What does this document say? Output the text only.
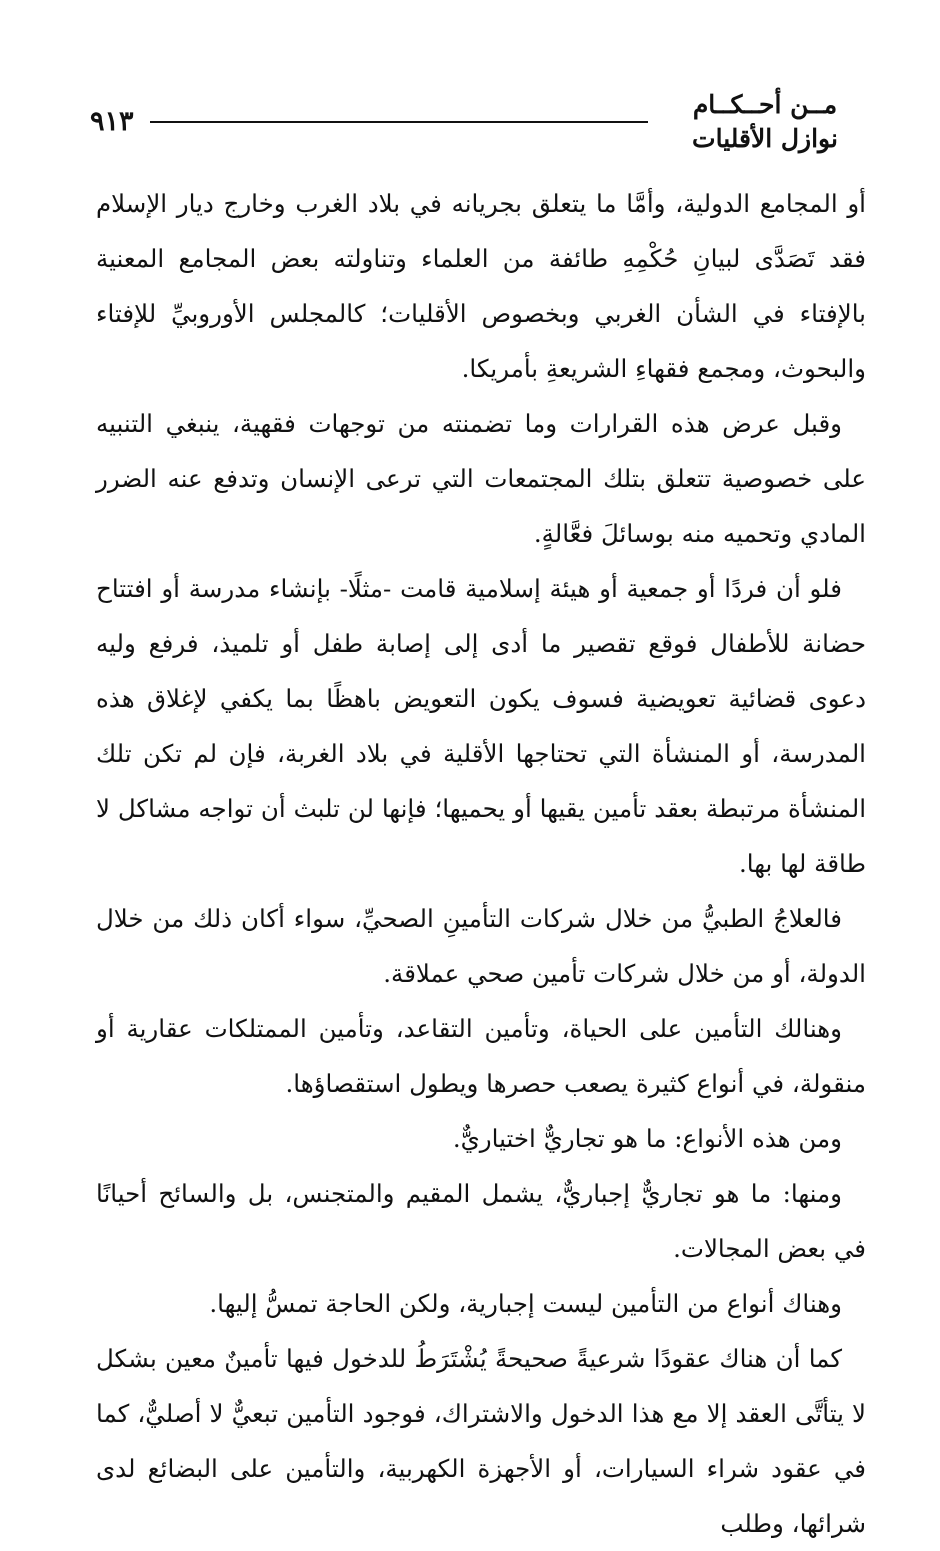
٩١٣
مــن أحــكــام
نوازل الأقليات

أو المجامع الدولية، وأمَّا ما يتعلق بجريانه في بلاد الغرب وخارج ديار الإسلام فقد تَصَدَّى لبيانِ حُكْمِهِ طائفة من العلماء وتناولته بعض المجامع المعنية بالإفتاء في الشأن الغربي وبخصوص الأقليات؛ كالمجلس الأوروبيِّ للإفتاء والبحوث، ومجمع فقهاءِ الشريعةِ بأمريكا.

وقبل عرض هذه القرارات وما تضمنته من توجهات فقهية، ينبغي التنبيه على خصوصية تتعلق بتلك المجتمعات التي ترعى الإنسان وتدفع عنه الضرر المادي وتحميه منه بوسائلَ فعَّالةٍ.

فلو أن فردًا أو جمعية أو هيئة إسلامية قامت -مثلًا- بإنشاء مدرسة أو افتتاح حضانة للأطفال فوقع تقصير ما أدى إلى إصابة طفل أو تلميذ، فرفع وليه دعوى قضائية تعويضية فسوف يكون التعويض باهظًا بما يكفي لإغلاق هذه المدرسة، أو المنشأة التي تحتاجها الأقلية في بلاد الغربة، فإن لم تكن تلك المنشأة مرتبطة بعقد تأمين يقيها أو يحميها؛ فإنها لن تلبث أن تواجه مشاكل لا طاقة لها بها.

فالعلاجُ الطبيُّ من خلال شركات التأمينِ الصحيِّ، سواء أكان ذلك من خلال الدولة، أو من خلال شركات تأمين صحي عملاقة.

وهنالك التأمين على الحياة، وتأمين التقاعد، وتأمين الممتلكات عقارية أو منقولة، في أنواع كثيرة يصعب حصرها ويطول استقصاؤها.

ومن هذه الأنواع: ما هو تجاريٌّ اختياريٌّ.

ومنها: ما هو تجاريٌّ إجباريٌّ، يشمل المقيم والمتجنس، بل والسائح أحيانًا في بعض المجالات.

وهناك أنواع من التأمين ليست إجبارية، ولكن الحاجة تمسُّ إليها.

كما أن هناك عقودًا شرعيةً صحيحةً يُشْتَرَطُ للدخول فيها تأمينٌ معين بشكل لا يتأتَّى العقد إلا مع هذا الدخول والاشتراك، فوجود التأمين تبعيٌّ لا أصليٌّ، كما في عقود شراء السيارات، أو الأجهزة الكهربية، والتأمين على البضائع لدى شرائها، وطلب
